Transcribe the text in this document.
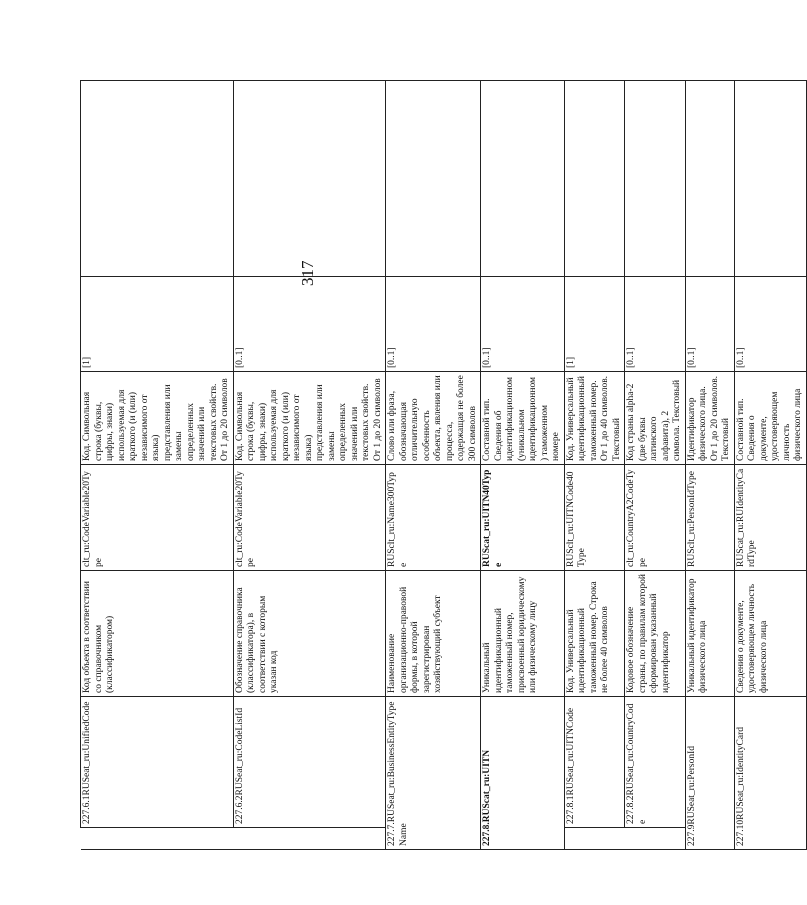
317
	227.6.1RUSeat_ru:UnifiedCode	Код объекта в соответствии со справочником (классификатором)	clt_ru:CodeVariable20Type	Код. Символьная строка (буквы, цифры, знаки) используемая для краткого (и (или) независимого от языка) представления или замены определенных значений или текстовых свойств. От 1 до 20 символов	[1]	
	227.6.2RUSeat_ru:CodeListId	Обозначение справочника (классификатора), в соответствии с которым указан код	clt_ru:CodeVariable20Type	Код. Символьная строка (буквы, цифры, знаки) используемая для краткого (и (или) независимого от языка) представления или замены определенных значений или текстовых свойств. От 1 до 20 символов	[0..1]	
227.7.RUSeat_ru:BusinessEntityTypeName		Наименование организационно-правовой формы, в которой зарегистрирован хозяйствующий субъект	RUSclt_ru:Name300Type	Слово или фраза, обозначающая отличительную особенность объекта, явления или процесса, содержащая не более 300 символов	[0..1]	
227.8.RUScat_ru:UITN		Уникальный идентификационный таможенный номер, присвоенный юридическому или физическому лицу	RUScat_ru:UITN40Type	Составной тип. Сведения об идентификационном (уникальном идентификационном) таможенном номере	[0..1]	
	227.8.1RUSeat_ru:UITNCode	Код. Универсальный идентификационный таможенный номер. Строка не более 40 символов	RUSclt_ru:UITNCode40Type	Код. Универсальный идентификационный таможенный номер. От 1 до 40 символов. Текстовый	[1]	
	227.8.2RUSeat_ru:CountryCode	Кодовое обозначение страны, по правилам которой сформирован указанный идентификатор	clt_ru:CountryA2CodeType	Код страны alpha-2 (две буквы латинского алфавита), 2 символа. Текстовый	[0..1]	
227.9RUSeat_ru:PersonId		Уникальный идентификатор физического лица	RUSclt_ru:PersonIdType	Идентификатор физического лица. От 1 до 20 символов. Текстовый	[0..1]	
227.10RUSeat_ru:IdentityCard		Сведения о документе, удостоверяющем личность физического лица	RUScat_ru:RUIdentityCardType	Составной тип. Сведения о документе, удостоверяющем личность физического лица	[0..1]	
